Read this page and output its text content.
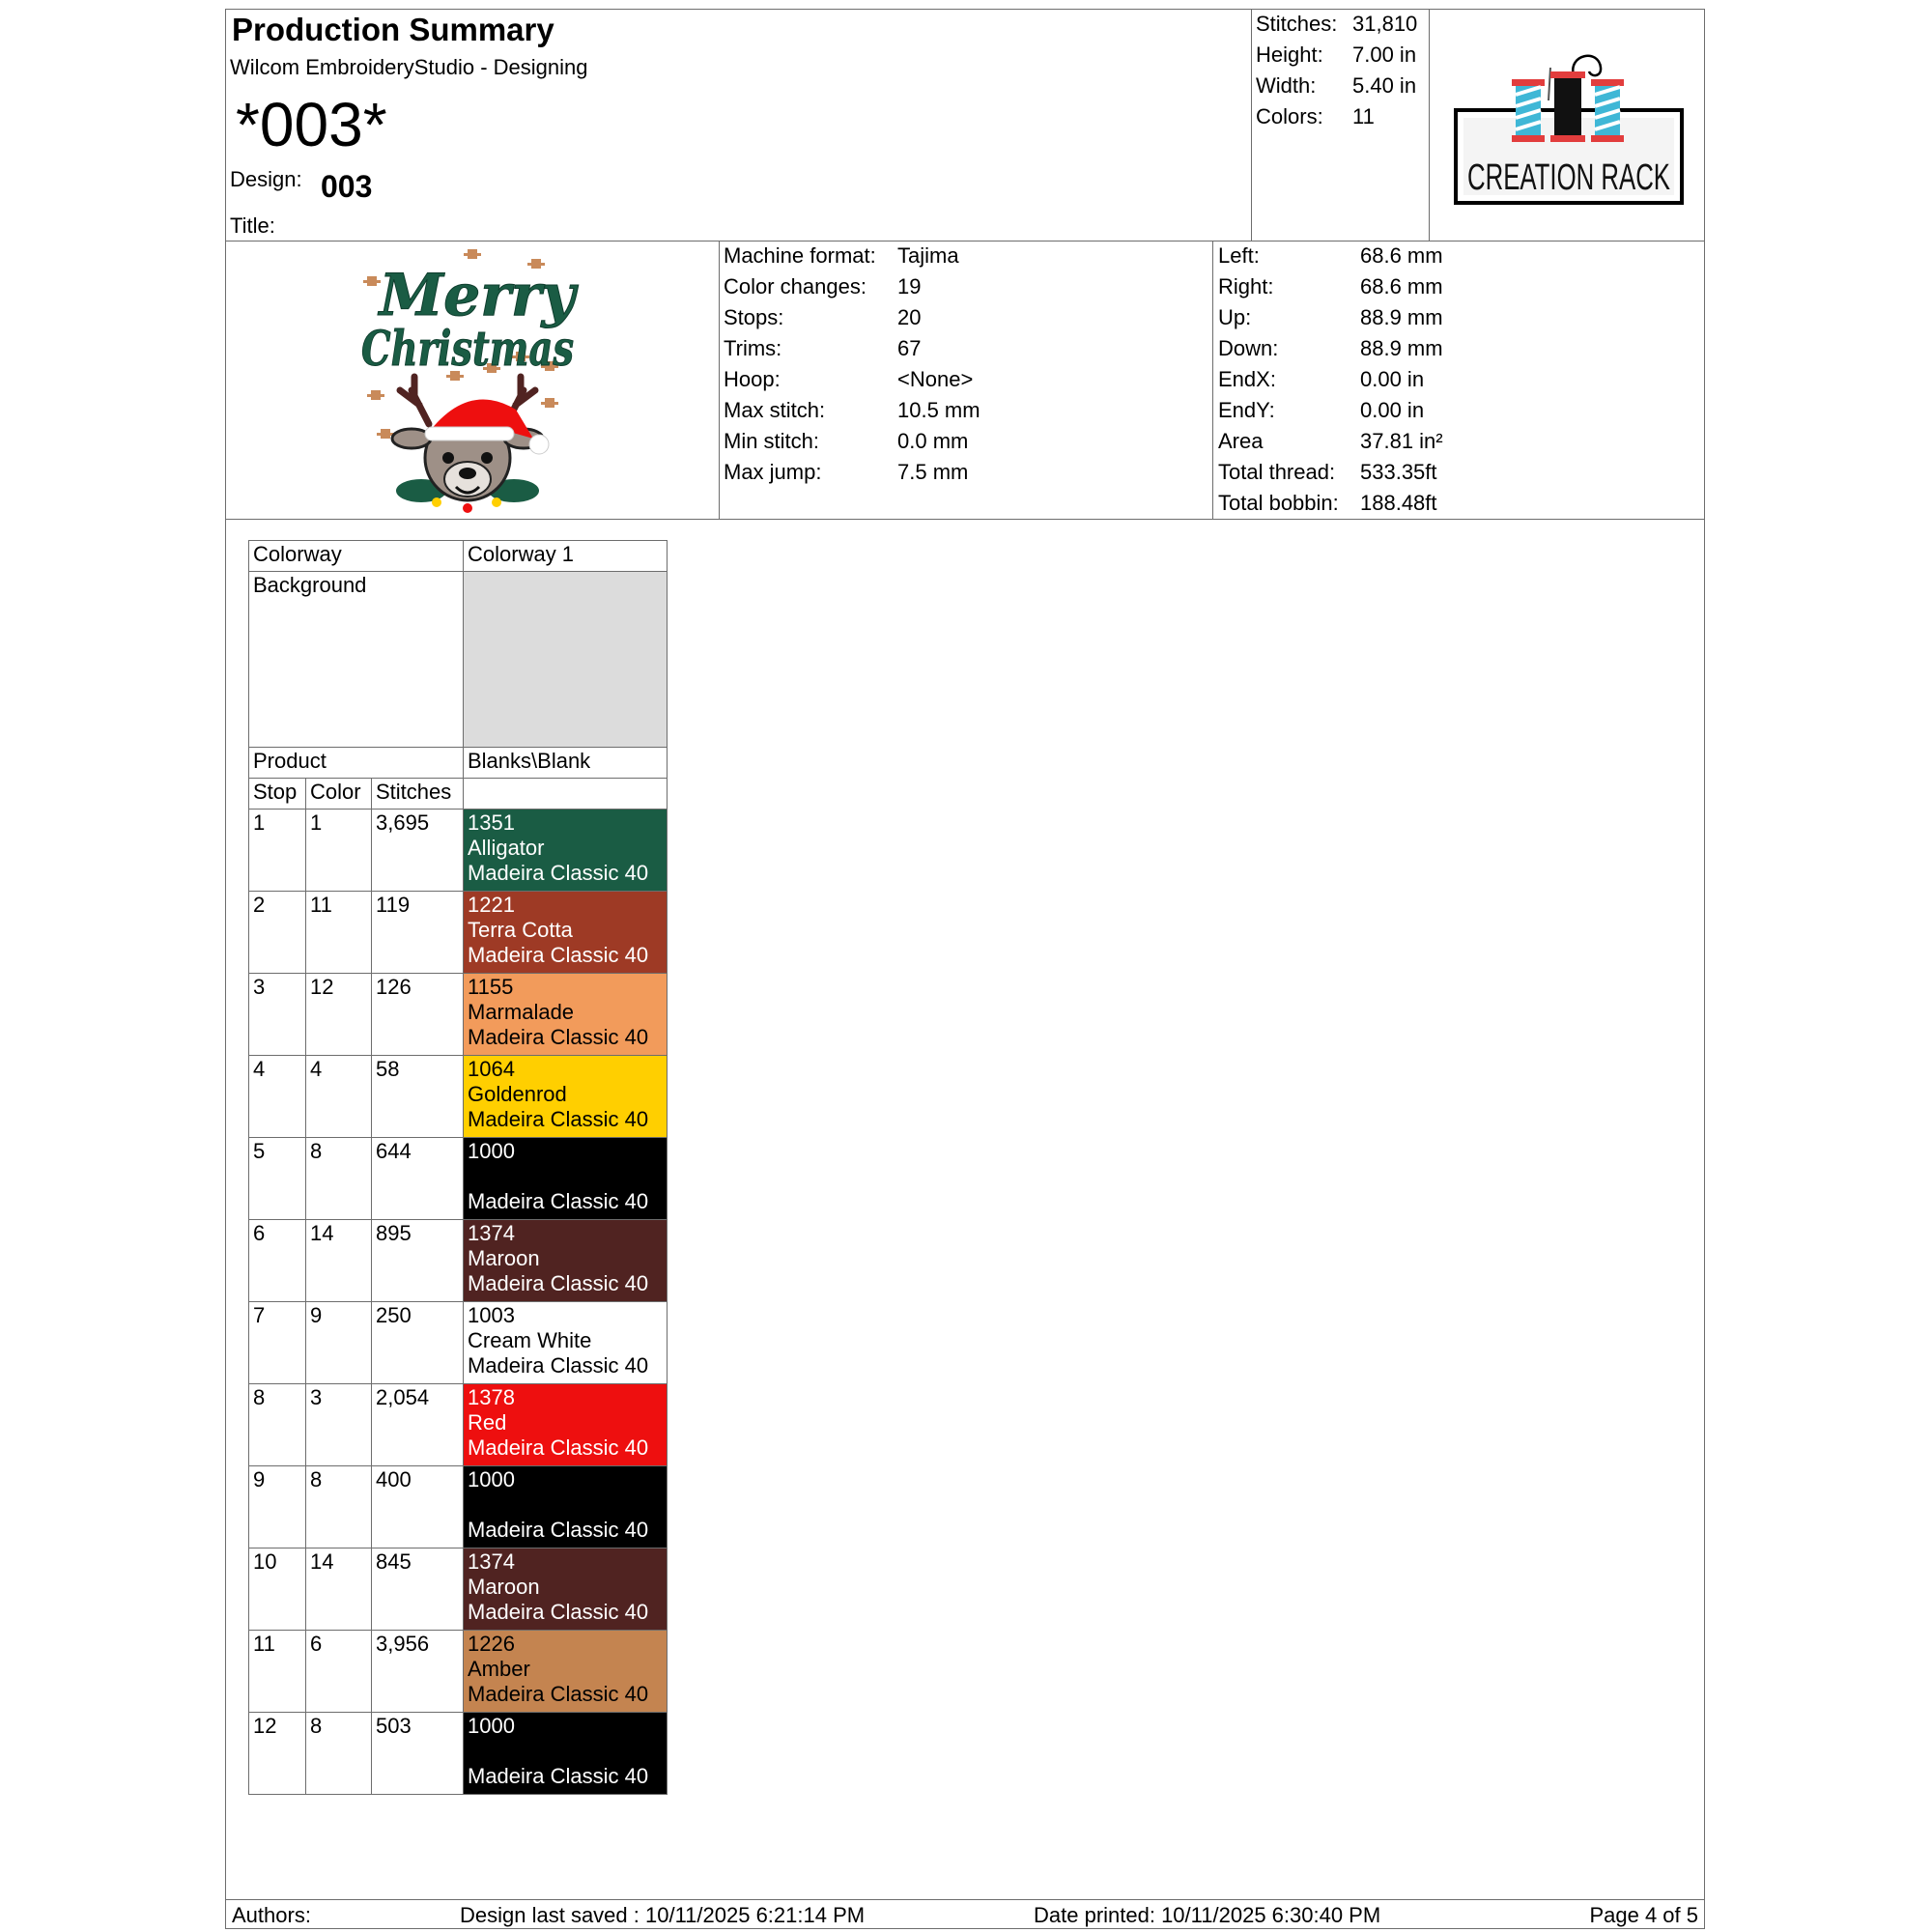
Production Summary
Wilcom EmbroideryStudio - Designing
*003*
Design: 003
Title:
Stitches: 31,810
Height: 7.00 in
Width: 5.40 in
Colors: 11
CREATION RACK
Merry
Christmas
Machine format: Tajima
Color changes: 19
Stops:	20
Trims:	67
Hoop:	<None>
Max stitch:	10.5 mm
Min stitch:	0.0 mm
Max jump:	7.5 mm
Left:	68.6 mm
Right:	68.6 mm
Up:	88.9 mm
Down:	88.9 mm
EndX:	0.00 in
EndY:	0.00 in
Area	37.81 in²
Total thread: 533.35ft
Total bobbin: 188.48ft
Colorway			Colorway 1
Background			
Product			Blanks\Blank
Stop	Color	Stitches	
1	1	3,695	1351
Alligator
Madeira Classic 40

2	11	119	1221
Terra Cotta
Madeira Classic 40

3	12	126	1155
Marmalade
Madeira Classic 40

4	4	58	1064
Goldenrod
Madeira Classic 40

5	8	644	1000
Madeira Classic 40

6	14	895	1374
Maroon
Madeira Classic 40

7	9	250	1003
Cream White
Madeira Classic 40

8	3	2,054	1378
Red
Madeira Classic 40

9	8	400	1000
Madeira Classic 40

10	14	845	1374
Maroon
Madeira Classic 40

11	6	3,956	1226
Amber
Madeira Classic 40

12	8	503	1000
Madeira Classic 40
Authors:	Design last saved : 10/11/2025 6:21:14 PM	Date printed: 10/11/2025 6:30:40 PM	Page 4 of 5
